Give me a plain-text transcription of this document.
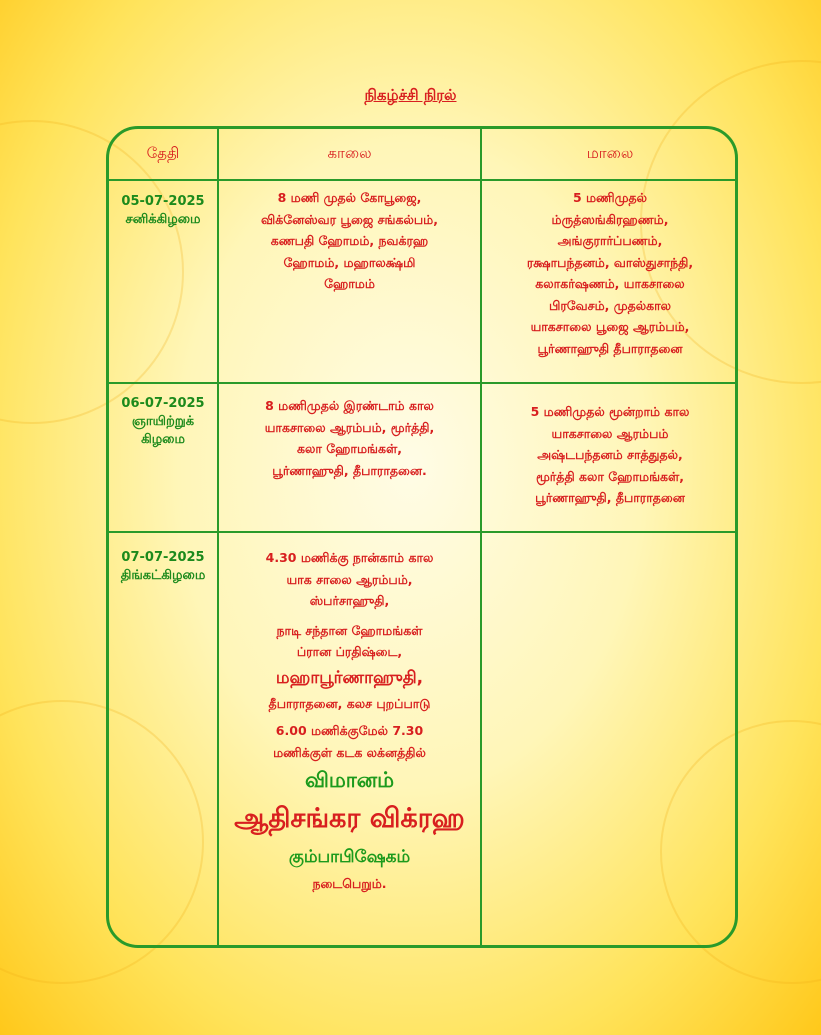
நிகழ்ச்சி நிரல்
தேதி	காலை	மாலை
05-07-2025
சனிக்கிழமை
8 மணி முதல் கோபூஜை,
விக்னேஸ்வர பூஜை சங்கல்பம்,
கணபதி ஹோமம், நவக்ரஹ
ஹோமம், மஹாலக்ஷ்மி
ஹோமம்
5 மணிமுதல்
ம்ருத்ஸங்கிரஹணம்,
அங்குரார்ப்பணம்,
ரக்ஷாபந்தனம், வாஸ்துசாந்தி,
கலாகர்ஷணம், யாகசாலை
பிரவேசம், முதல்கால
யாகசாலை பூஜை ஆரம்பம்,
பூர்ணாஹுதி தீபாராதனை
06-07-2025
ஞாயிற்றுக்
கிழமை
8 மணிமுதல் இரண்டாம் கால
யாகசாலை ஆரம்பம், மூர்த்தி,
கலா ஹோமங்கள்,
பூர்ணாஹுதி, தீபாராதனை.
5 மணிமுதல் மூன்றாம் கால
யாகசாலை ஆரம்பம்
அஷ்டபந்தனம் சாத்துதல்,
மூர்த்தி கலா ஹோமங்கள்,
பூர்ணாஹுதி, தீபாராதனை
07-07-2025
திங்கட்கிழமை
4.30 மணிக்கு நான்காம் கால
யாக சாலை ஆரம்பம்,
ஸ்பர்சாஹுதி,
நாடி சந்தான ஹோமங்கள்
ப்ரான ப்ரதிஷ்டை,
மஹாபூர்ணாஹுதி,
தீபாராதனை, கலச புறப்பாடு
6.00 மணிக்குமேல் 7.30
மணிக்குள் கடக லக்னத்தில்
விமானம்
ஆதிசங்கர விக்ரஹ
கும்பாபிஷேகம்
நடைபெறும்.
